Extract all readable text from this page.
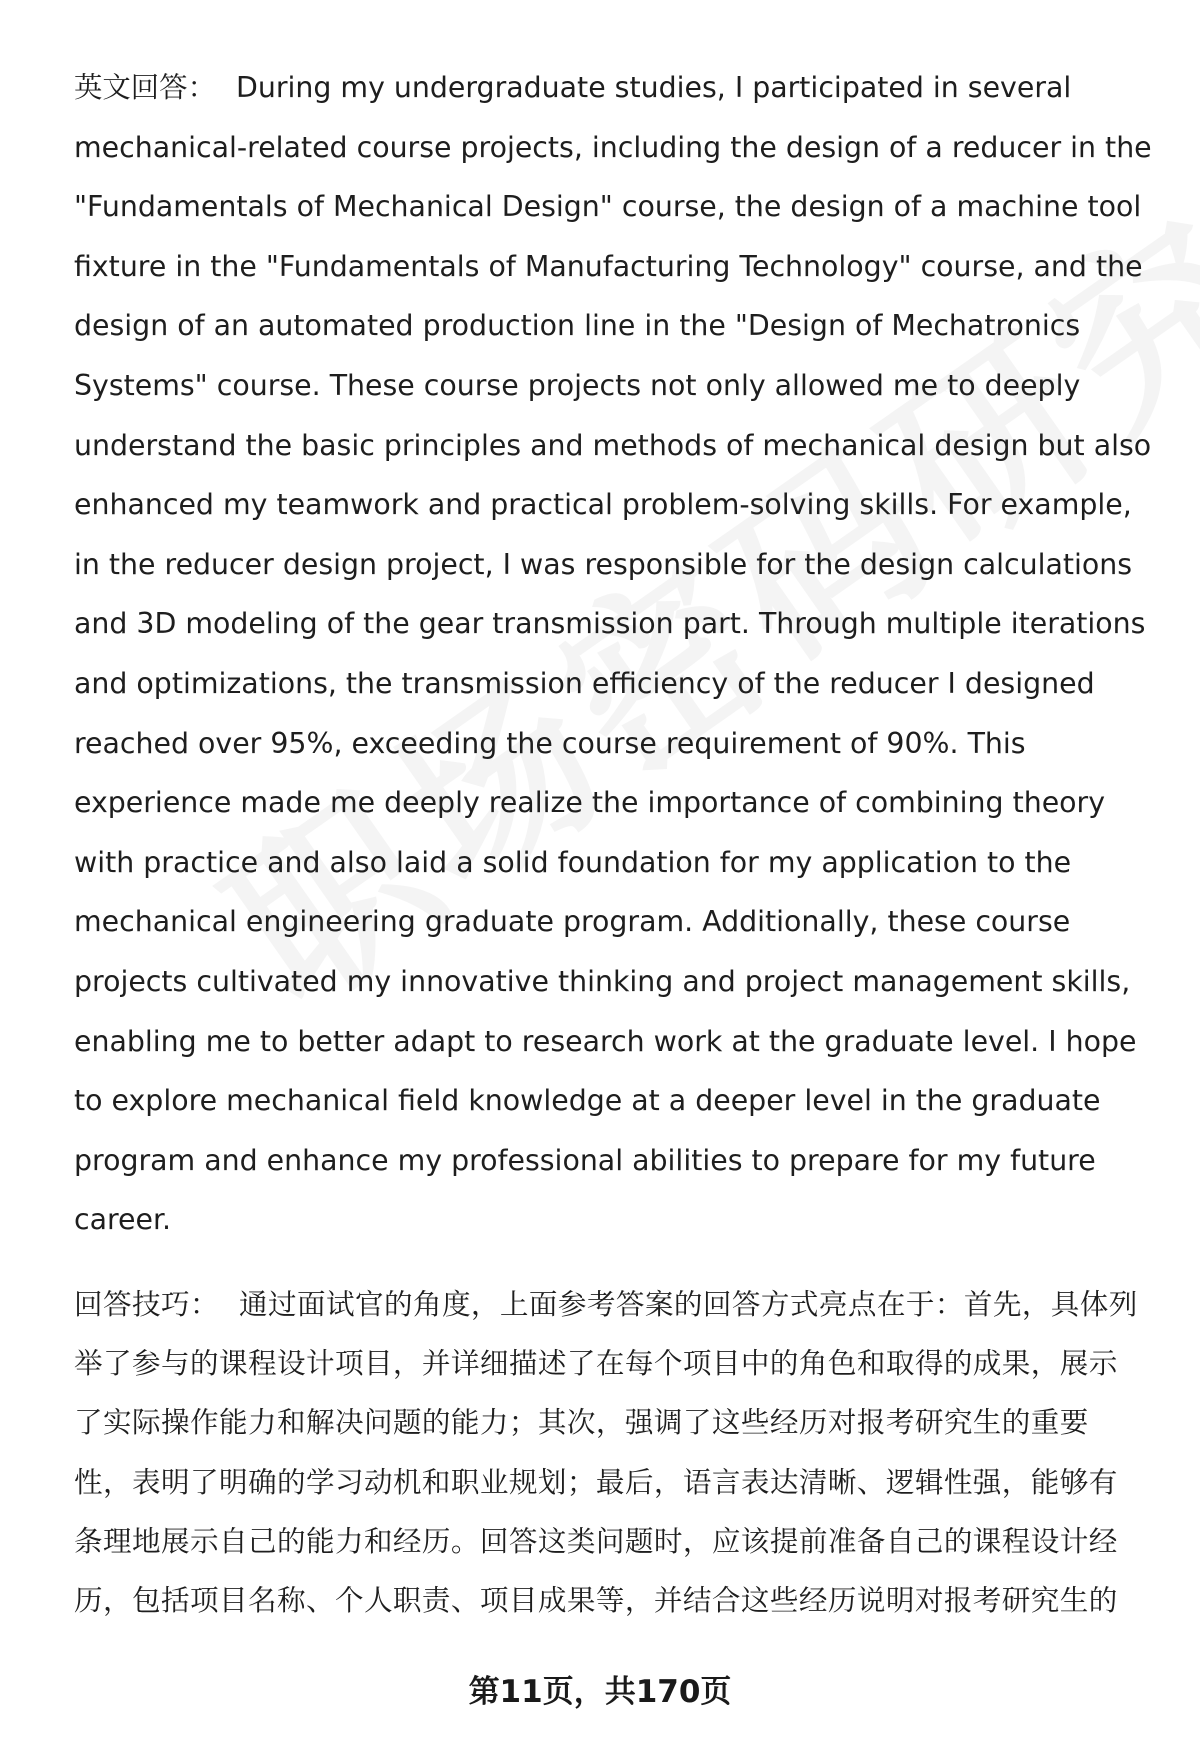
英文回答： During my undergraduate studies, I participated in several
mechanical-related course projects, including the design of a reducer in the
"Fundamentals of Mechanical Design" course, the design of a machine tool
fixture in the "Fundamentals of Manufacturing Technology" course, and the
design of an automated production line in the "Design of Mechatronics
Systems" course. These course projects not only allowed me to deeply
understand the basic principles and methods of mechanical design but also
enhanced my teamwork and practical problem-solving skills. For example,
in the reducer design project, I was responsible for the design calculations
and 3D modeling of the gear transmission part. Through multiple iterations
and optimizations, the transmission efficiency of the reducer I designed
reached over 95%, exceeding the course requirement of 90%. This
experience made me deeply realize the importance of combining theory
with practice and also laid a solid foundation for my application to the
mechanical engineering graduate program. Additionally, these course
projects cultivated my innovative thinking and project management skills,
enabling me to better adapt to research work at the graduate level. I hope
to explore mechanical field knowledge at a deeper level in the graduate
program and enhance my professional abilities to prepare for my future
career.
回答技巧： 通过面试官的角度，上面参考答案的回答方式亮点在于：首先，具体列
举了参与的课程设计项目，并详细描述了在每个项目中的角色和取得的成果，展示
了实际操作能力和解决问题的能力；其次，强调了这些经历对报考研究生的重要
性，表明了明确的学习动机和职业规划；最后，语言表达清晰、逻辑性强，能够有
条理地展示自己的能力和经历。回答这类问题时，应该提前准备自己的课程设计经
历，包括项目名称、个人职责、项目成果等，并结合这些经历说明对报考研究生的
第11页，共170页
